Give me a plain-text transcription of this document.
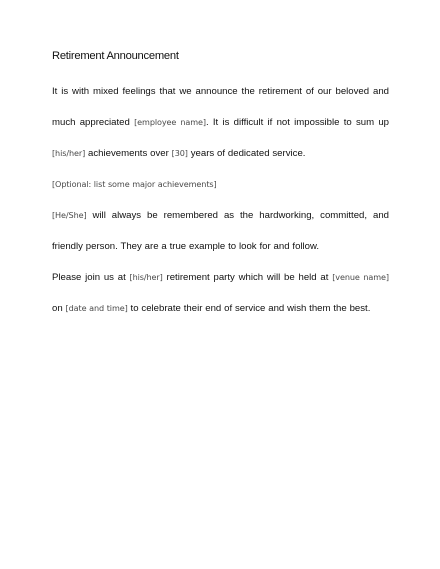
Retirement Announcement

It is with mixed feelings that we announce the retirement of our beloved and much appreciated [employee name]. It is difficult if not impossible to sum up [his/her] achievements over [30] years of dedicated service.

[Optional: list some major achievements]

[He/She] will always be remembered as the hardworking, committed, and friendly person. They are a true example to look for and follow.

Please join us at [his/her] retirement party which will be held at [venue name] on [date and time] to celebrate their end of service and wish them the best.
